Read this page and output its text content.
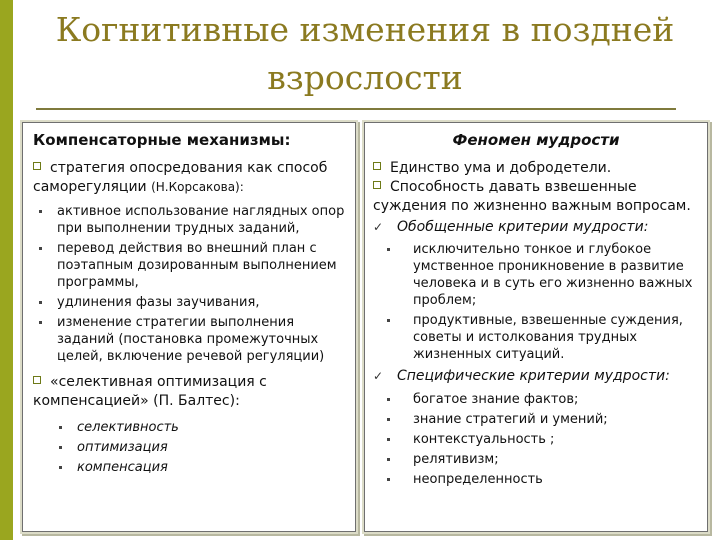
Когнитивные изменения в поздней взрослости
Компенсаторные механизмы:

стратегия опосредования как способ саморегуляции (Н.Корсакова):

активное использование наглядных опор при выполнении трудных заданий,
перевод действия во внешний план с поэтапным дозированным выполнением программы,
удлинения фазы заучивания,
изменение стратегии выполнения заданий (постановка промежуточных целей, включение речевой регуляции)

«селективная оптимизация с компенсацией» (П. Балтес):

селективность
оптимизация
компенсация
Феномен мудрости

Единство ума и добродетели.

Способность давать взвешенные суждения по жизненно важным вопросам.

✓ Обобщенные критерии мудрости:

исключительно тонкое и глубокое умственное проникновение в развитие человека и в суть его жизненно важных проблем;
продуктивные, взвешенные суждения, советы и истолкования трудных жизненных ситуаций.

✓ Специфические критерии мудрости:

богатое знание фактов;
знание стратегий и умений;
контекстуальность ;
релятивизм;
неопределенность
